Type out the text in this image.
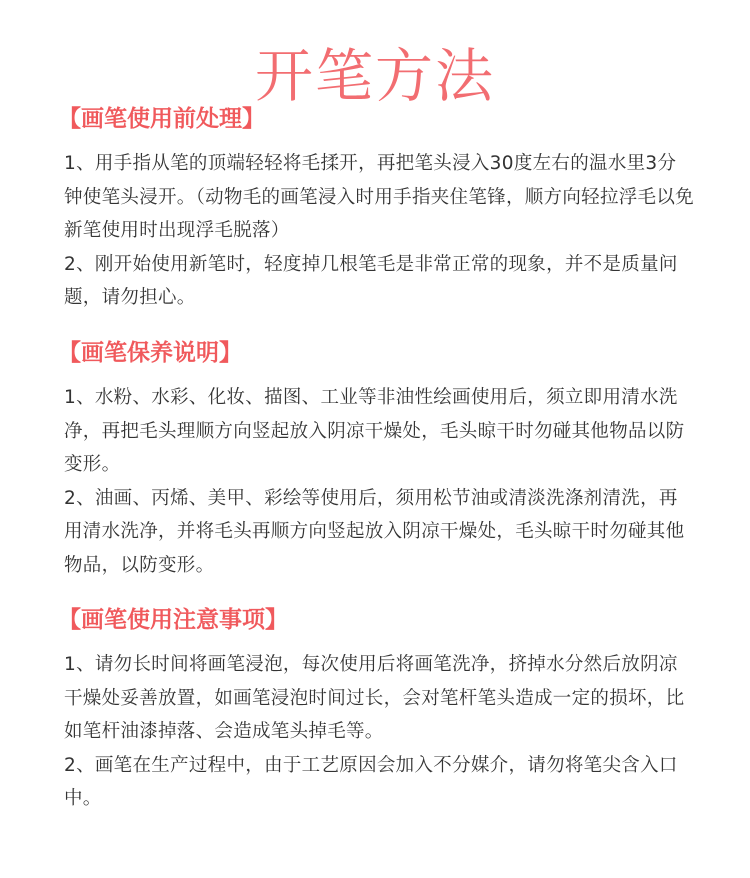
开笔方法
【画笔使用前处理】

1、用手指从笔的顶端轻轻将毛揉开，再把笔头浸入30度左右的温水里3分钟使笔头浸开。（动物毛的画笔浸入时用手指夹住笔锋，顺方向轻拉浮毛以免新笔使用时出现浮毛脱落）

2、刚开始使用新笔时，轻度掉几根笔毛是非常正常的现象，并不是质量问题，请勿担心。

【画笔保养说明】

1、水粉、水彩、化妆、描图、工业等非油性绘画使用后，须立即用清水洗净，再把毛头理顺方向竖起放入阴凉干燥处，毛头晾干时勿碰其他物品以防变形。

2、油画、丙烯、美甲、彩绘等使用后，须用松节油或清淡洗涤剂清洗，再用清水洗净，并将毛头再顺方向竖起放入阴凉干燥处，毛头晾干时勿碰其他物品，以防变形。

【画笔使用注意事项】

1、请勿长时间将画笔浸泡，每次使用后将画笔洗净，挤掉水分然后放阴凉干燥处妥善放置，如画笔浸泡时间过长，会对笔杆笔头造成一定的损坏，比如笔杆油漆掉落、会造成笔头掉毛等。

2、画笔在生产过程中，由于工艺原因会加入不分媒介，请勿将笔尖含入口中。
